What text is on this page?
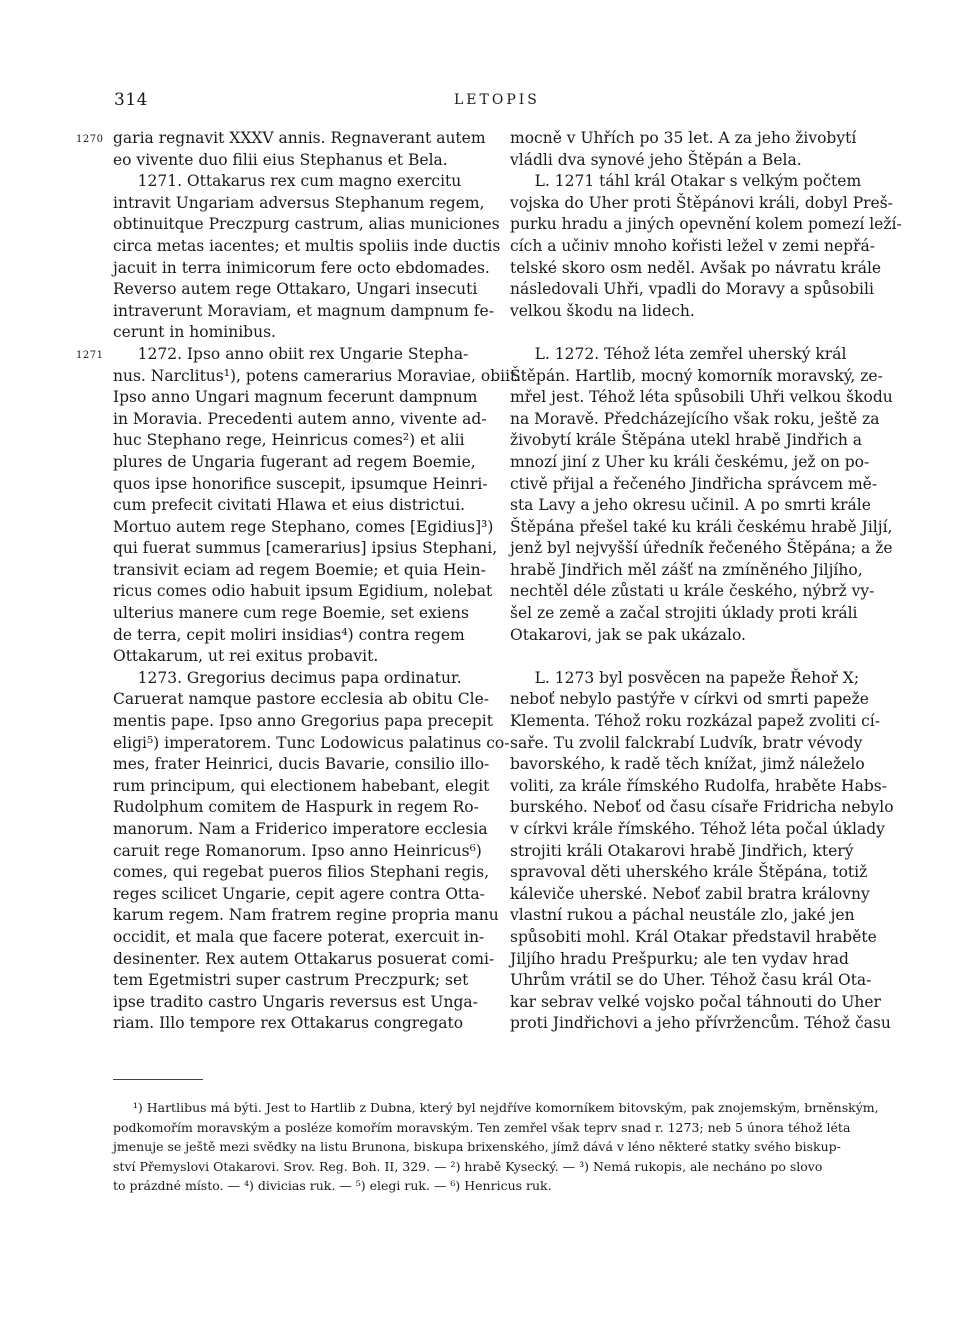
314	LETOPIS
1270
1271
garia regnavit XXXV annis. Regnaverant autem
eo vivente duo filii eius Stephanus et Bela.
1271. Ottakarus rex cum magno exercitu
intravit Ungariam adversus Stephanum regem,
obtinuitque Preczpurg castrum, alias municiones
circa metas iacentes; et multis spoliis inde ductis
jacuit in terra inimicorum fere octo ebdomades.
Reverso autem rege Ottakaro, Ungari insecuti
intraverunt Moraviam, et magnum dampnum fe-
cerunt in hominibus.
1272. Ipso anno obiit rex Ungarie Stepha-
nus. Narclitus¹), potens camerarius Moraviae, obiit.
Ipso anno Ungari magnum fecerunt dampnum
in Moravia. Precedenti autem anno, vivente ad-
huc Stephano rege, Heinricus comes²) et alii
plures de Ungaria fugerant ad regem Boemie,
quos ipse honorifice suscepit, ipsumque Heinri-
cum prefecit civitati Hlawa et eius districtui.
Mortuo autem rege Stephano, comes [Egidius]³)
qui fuerat summus [camerarius] ipsius Stephani,
transivit eciam ad regem Boemie; et quia Hein-
ricus comes odio habuit ipsum Egidium, nolebat
ulterius manere cum rege Boemie, set exiens
de terra, cepit moliri insidias⁴) contra regem
Ottakarum, ut rei exitus probavit.
1273. Gregorius decimus papa ordinatur.
Caruerat namque pastore ecclesia ab obitu Cle-
mentis pape. Ipso anno Gregorius papa precepit
eligi⁵) imperatorem. Tunc Lodowicus palatinus co-
mes, frater Heinrici, ducis Bavarie, consilio illo-
rum principum, qui electionem habebant, elegit
Rudolphum comitem de Haspurk in regem Ro-
manorum. Nam a Friderico imperatore ecclesia
caruit rege Romanorum. Ipso anno Heinricus⁶)
comes, qui regebat pueros filios Stephani regis,
reges scilicet Ungarie, cepit agere contra Otta-
karum regem. Nam fratrem regine propria manu
occidit, et mala que facere poterat, exercuit in-
desinenter. Rex autem Ottakarus posuerat comi-
tem Egetmistri super castrum Preczpurk; set
ipse tradito castro Ungaris reversus est Unga-
riam. Illo tempore rex Ottakarus congregato
mocně v Uhřích po 35 let. A za jeho živobytí
vládli dva synové jeho Štěpán a Bela.
L. 1271 táhl král Otakar s velkým počtem
vojska do Uher proti Štěpánovi králi, dobyl Preš-
purku hradu a jiných opevnění kolem pomezí leží-
cích a učiniv mnoho kořisti ležel v zemi nepřá-
telské skoro osm neděl. Avšak po návratu krále
následovali Uhři, vpadli do Moravy a spůsobili
velkou škodu na lidech.
L. 1272. Téhož léta zemřel uherský král
Štěpán. Hartlib, mocný komorník moravský, ze-
mřel jest. Téhož léta spůsobili Uhři velkou škodu
na Moravě. Předcházejícího však roku, ještě za
živobytí krále Štěpána utekl hrabě Jindřich a
mnozí jiní z Uher ku králi českému, jež on po-
ctivě přijal a řečeného Jindřicha správcem mě-
sta Lavy a jeho okresu učinil. A po smrti krále
Štěpána přešel také ku králi českému hrabě Jiljí,
jenž byl nejvyšší úředník řečeného Štěpána; a že
hrabě Jindřich měl zášť na zmíněného Jiljího,
nechtěl déle zůstati u krále českého, nýbrž vy-
šel ze země a začal strojiti úklady proti králi
Otakarovi, jak se pak ukázalo.
L. 1273 byl posvěcen na papeže Řehoř X;
neboť nebylo pastýře v církvi od smrti papeže
Klementa. Téhož roku rozkázal papež zvoliti cí-
saře. Tu zvolil falckrabí Ludvík, bratr vévody
bavorského, k radě těch knížat, jimž náleželo
voliti, za krále římského Rudolfa, hraběte Habs-
burského. Neboť od času císaře Fridricha nebylo
v církvi krále římského. Téhož léta počal úklady
strojiti králi Otakarovi hrabě Jindřich, který
spravoval děti uherského krále Štěpána, totiž
káleviče uherské. Neboť zabil bratra královny
vlastní rukou a páchal neustále zlo, jaké jen
spůsobiti mohl. Král Otakar představil hraběte
Jiljího hradu Prešpurku; ale ten vydav hrad
Uhrům vrátil se do Uher. Téhož času král Ota-
kar sebrav velké vojsko počal táhnouti do Uher
proti Jindřichovi a jeho přívržencům. Téhož času
¹) Hartlibus má býti. Jest to Hartlib z Dubna, který byl nejdříve komorníkem bitovským, pak znojemským, brněnským,
podkomořím moravským a posléze komořím moravským. Ten zemřel však teprv snad r. 1273; neb 5 února téhož léta
jmenuje se ještě mezi svědky na listu Brunona, biskupa brixenského, jímž dává v léno některé statky svého biskup-
ství Přemyslovi Otakarovi. Srov. Reg. Boh. II, 329. — ²) hrabě Kysecký. — ³) Nemá rukopis, ale necháno po slovo
to prázdné místo. — ⁴) divicias ruk. — ⁵) elegi ruk. — ⁶) Henricus ruk.
